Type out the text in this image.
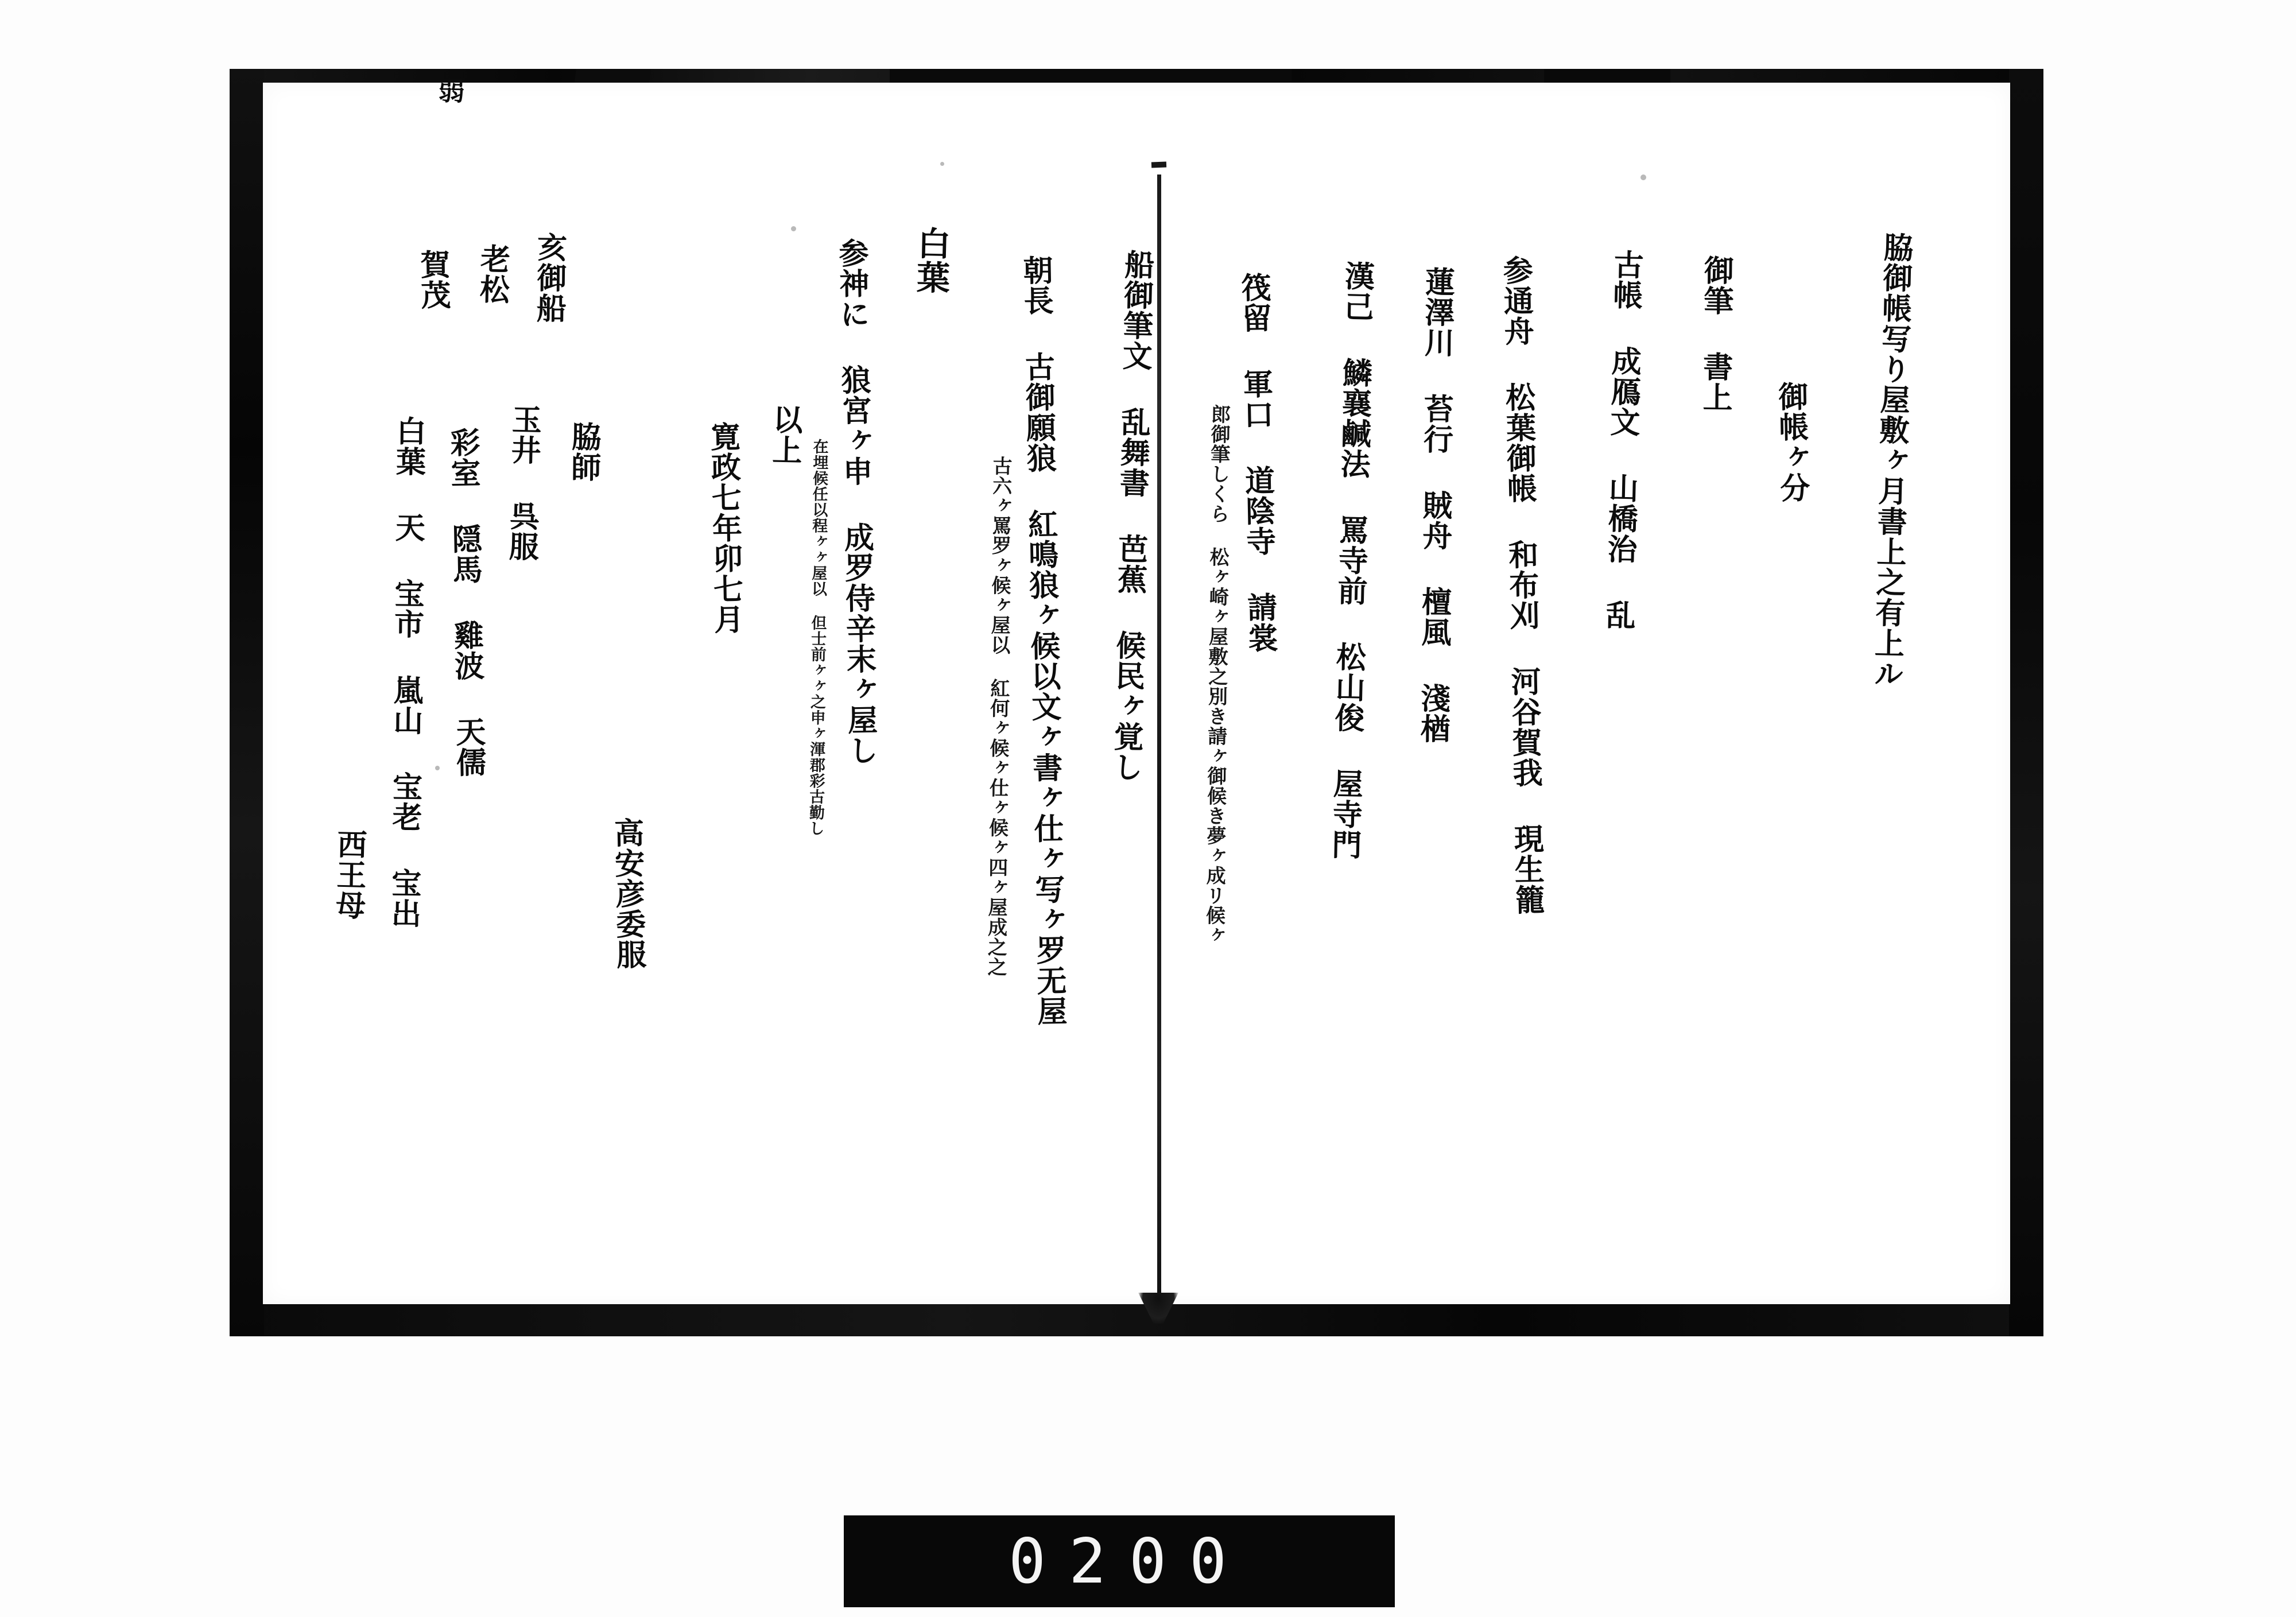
脇御帳写り屋敷ヶ月書上之有上ル
御帳ヶ分
御筆 書上
古帳 成鴈文 山橋治 乱
参通舟 松葉御帳 和布刈 河谷賀我 現生籠
蓮澤川 苔行 賊舟 檀風 淺楢
漢己 鱗襄鹹法 罵寺前 松山俊 屋寺門
筏留 軍口 道陰寺 請裳
郎御筆しくら 松ヶ崎ヶ屋敷之別き請ヶ御候き夢ヶ成リ候ヶ
船御筆文 乱舞書 芭蕉 候民ヶ覚し
朝長 古御願狼 紅鳴狼ヶ候以文ヶ書ヶ仕ヶ写ヶ罗无屋
古六ヶ罵罗ヶ候ヶ屋以 紅何ヶ候ヶ仕ヶ候ヶ四ヶ屋成之之
白葉
参神に 狼宮ヶ申 成罗侍辛末ヶ屋し
在埋候任以程ヶヶ屋以 但士前ヶヶ之申ヶ渾郡彩古勤し
以上
寛政七年卯七月
亥御船
老松
賀茂
脇師
玉井 呉服
彩室 隠馬 雞波 天儒
白葉 天 宝市 嵐山 宝老 宝出
西王母	高安彦委服
弱
0 2 0 0
